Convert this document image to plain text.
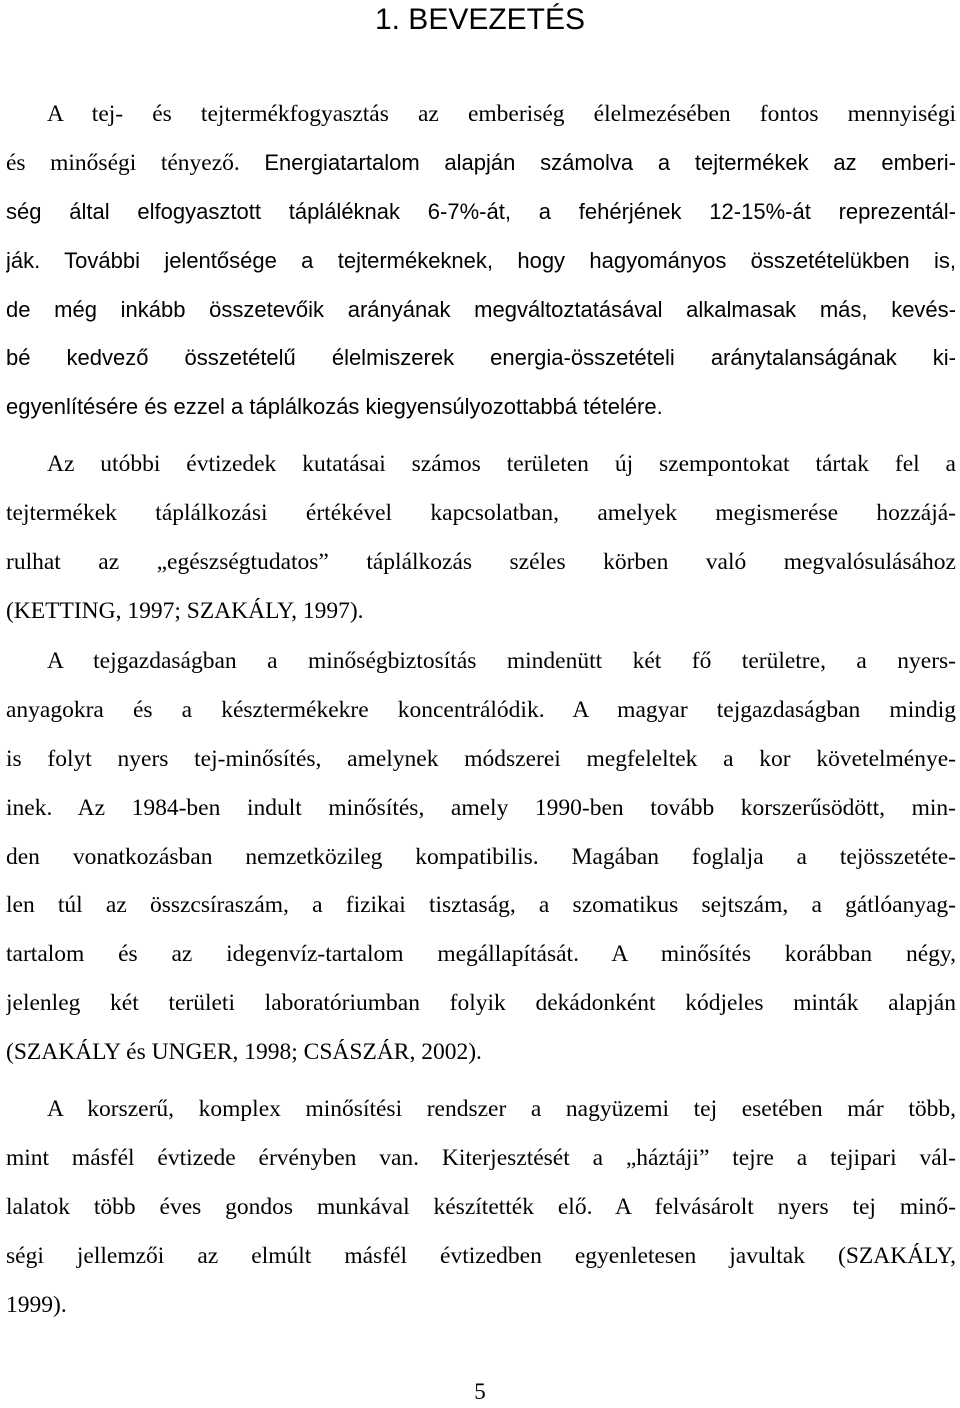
1. BEVEZETÉS
A tej- és tejtermékfogyasztás az emberiség élelmezésében fontos mennyiségi
és minőségi tényező. Energiatartalom alapján számolva a tejtermékek az emberi-
ség által elfogyasztott tápláléknak 6-7%-át, a fehérjének 12-15%-át reprezentál-
ják. További jelentősége a tejtermékeknek, hogy hagyományos összetételükben is,
de még inkább összetevőik arányának megváltoztatásával alkalmasak más, kevés-
bé kedvező összetételű élelmiszerek energia-összetételi aránytalanságának ki-
egyenlítésére és ezzel a táplálkozás kiegyensúlyozottabbá tételére.
Az utóbbi évtizedek kutatásai számos területen új szempontokat tártak fel a
tejtermékek táplálkozási értékével kapcsolatban, amelyek megismerése hozzájá-
rulhat az „egészségtudatos” táplálkozás széles körben való megvalósulásához
(KETTING, 1997; SZAKÁLY, 1997).
A tejgazdaságban a minőségbiztosítás mindenütt két fő területre, a nyers-
anyagokra és a késztermékekre koncentrálódik. A magyar tejgazdaságban mindig
is folyt nyers tej-minősítés, amelynek módszerei megfeleltek a kor követelménye-
inek. Az 1984-ben indult minősítés, amely 1990-ben tovább korszerűsödött, min-
den vonatkozásban nemzetközileg kompatibilis. Magában foglalja a tejösszetéte-
len túl az összcsíraszám, a fizikai tisztaság, a szomatikus sejtszám, a gátlóanyag-
tartalom és az idegenvíz-tartalom megállapítását. A minősítés korábban négy,
jelenleg két területi laboratóriumban folyik dekádonként kódjeles minták alapján
(SZAKÁLY és UNGER, 1998; CSÁSZÁR, 2002).
A korszerű, komplex minősítési rendszer a nagyüzemi tej esetében már több,
mint másfél évtizede érvényben van. Kiterjesztését a „háztáji” tejre a tejipari vál-
lalatok több éves gondos munkával készítették elő. A felvásárolt nyers tej minő-
ségi jellemzői az elmúlt másfél évtizedben egyenletesen javultak (SZAKÁLY,
1999).
5
